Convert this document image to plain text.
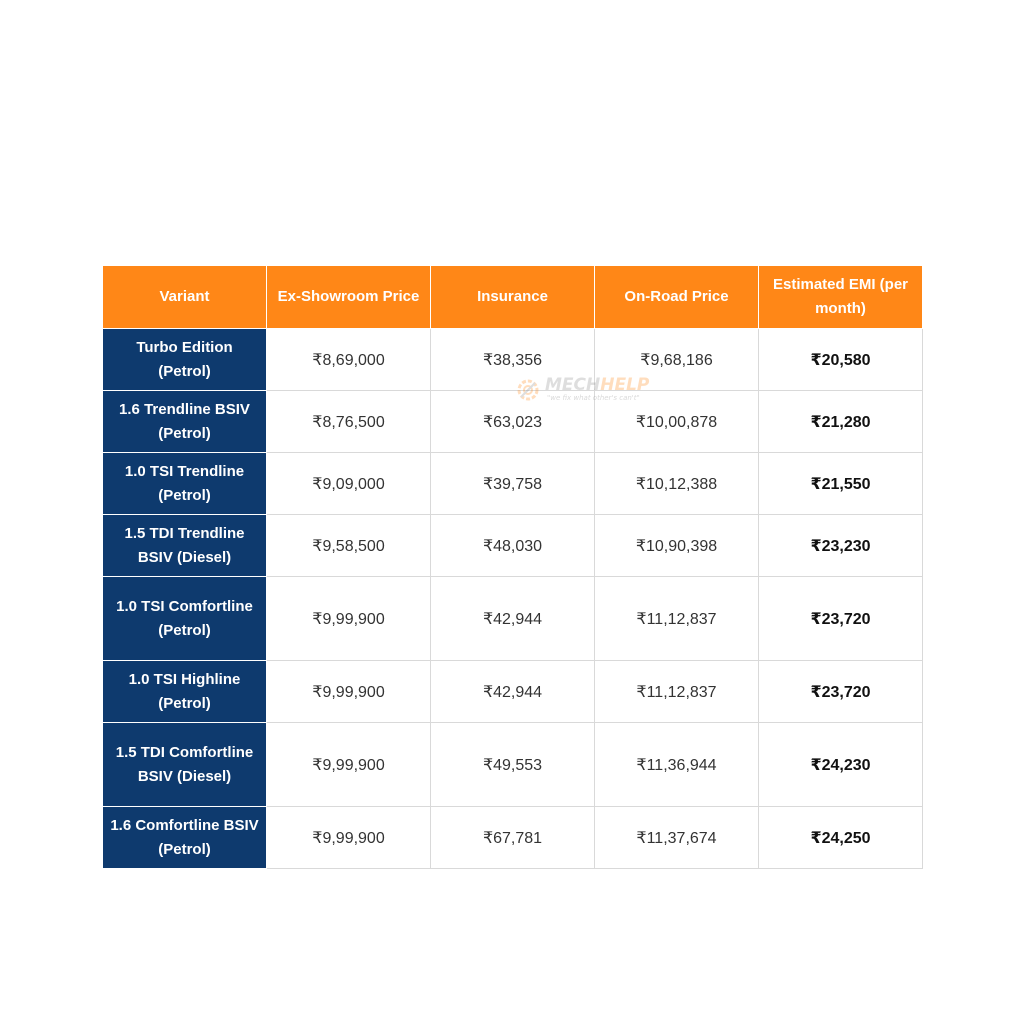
Variant	Ex-Showroom Price	Insurance	On-Road Price	Estimated EMI (per month)
Turbo Edition (Petrol)	₹8,69,000	₹38,356	₹9,68,186	₹20,580
1.6 Trendline BSIV (Petrol)	₹8,76,500	₹63,023	₹10,00,878	₹21,280
1.0 TSI Trendline (Petrol)	₹9,09,000	₹39,758	₹10,12,388	₹21,550
1.5 TDI Trendline BSIV (Diesel)	₹9,58,500	₹48,030	₹10,90,398	₹23,230
1.0 TSI Comfortline (Petrol)	₹9,99,900	₹42,944	₹11,12,837	₹23,720
1.0 TSI Highline (Petrol)	₹9,99,900	₹42,944	₹11,12,837	₹23,720
1.5 TDI Comfortline BSIV (Diesel)	₹9,99,900	₹49,553	₹11,36,944	₹24,230
1.6 Comfortline BSIV (Petrol)	₹9,99,900	₹67,781	₹11,37,674	₹24,250
MECHHELP
"we fix what other's can't"
